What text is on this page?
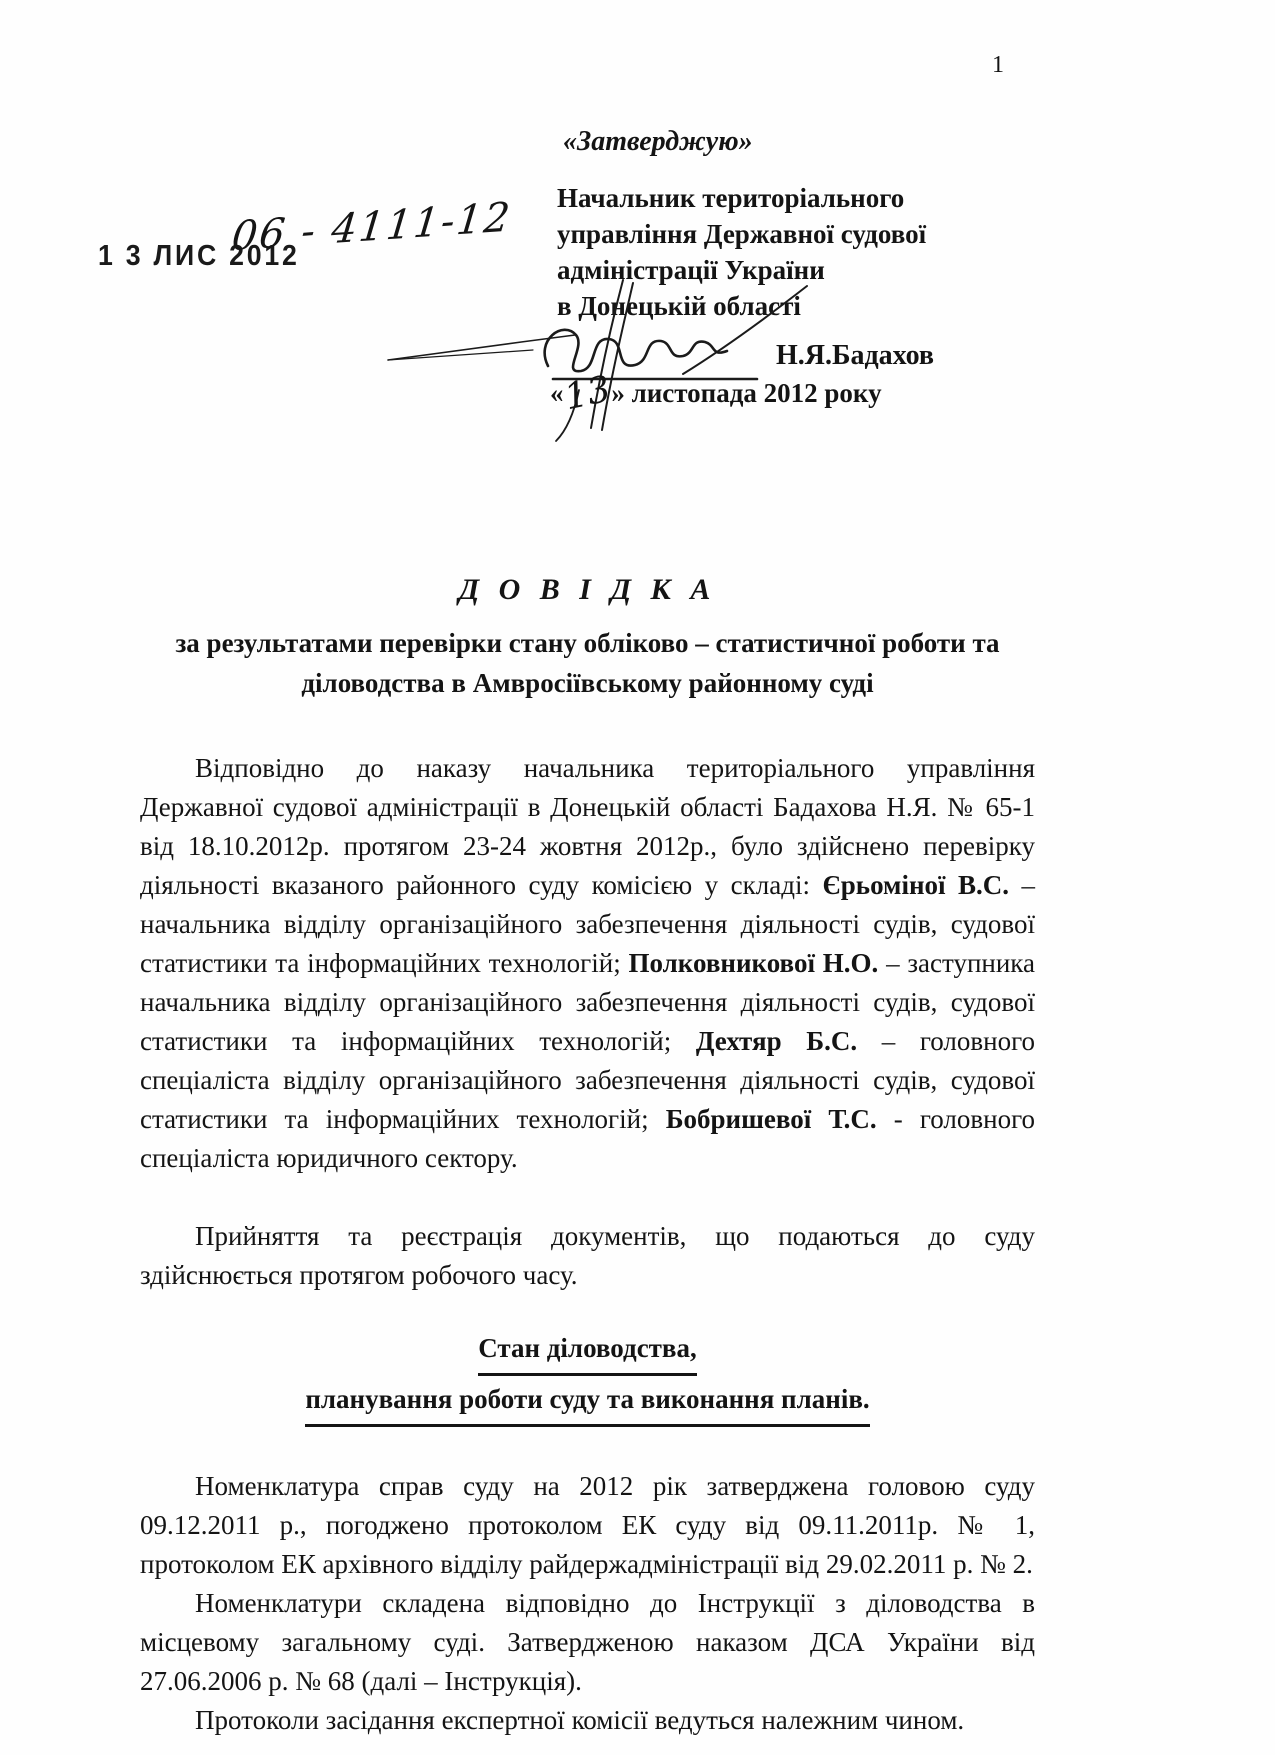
1
1 3 ЛИС 2012
06 - 4111-12
«Затверджую»
Начальник територіального
управління Державної судової
адміністрації України
в Донецькій області
Н.Я.Бадахов
«13» листопада 2012 року
Д О В І Д К А
за результатами перевірки стану обліково – статистичної роботи та
діловодства в Амвросіївському районному суді

Відповідно до наказу начальника територіального управління Державної судової адміністрації в Донецькій області Бадахова Н.Я. № 65-1 від 18.10.2012р. протягом 23-24 жовтня 2012р., було здійснено перевірку діяльності вказаного районного суду комісією у складі: Єрьоміної В.С. – начальника відділу організаційного забезпечення діяльності судів, судової статистики та інформаційних технологій; Полковникової Н.О. – заступника начальника відділу організаційного забезпечення діяльності судів, судової статистики та інформаційних технологій; Дехтяр Б.С. – головного спеціаліста відділу організаційного забезпечення діяльності судів, судової статистики та інформаційних технологій; Бобришевої Т.С. - головного спеціаліста юридичного сектору.

Прийняття та реєстрація документів, що подаються до суду здійснюється протягом робочого часу.

Стан діловодства,
планування роботи суду та виконання планів.

Номенклатура справ суду на 2012 рік затверджена головою суду 09.12.2011 р., погоджено протоколом ЕК суду від 09.11.2011р. № 1, протоколом ЕК архівного відділу райдержадміністрації від 29.02.2011 р. № 2.

Номенклатури складена відповідно до Інструкції з діловодства в місцевому загальному суді. Затвердженою наказом ДСА України від 27.06.2006 р. № 68 (далі – Інструкція).

Протоколи засідання експертної комісії ведуться належним чином.
